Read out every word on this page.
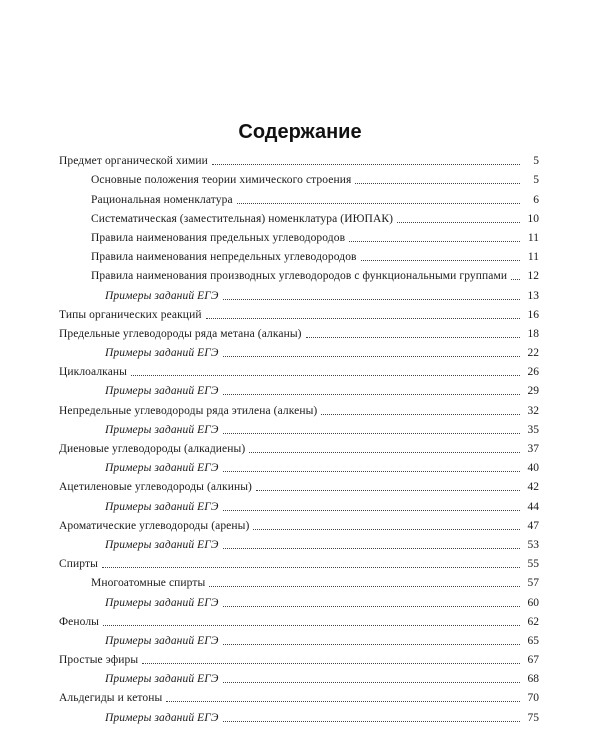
Содержание
Предмет органической химии	5
Основные положения теории химического строения	5
Рациональная номенклатура	6
Систематическая (заместительная) номенклатура (ИЮПАК)	10
Правила наименования предельных углеводородов	11
Правила наименования непредельных углеводородов	11
Правила наименования производных углеводородов с функциональными группами	12
Примеры заданий ЕГЭ	13
Типы органических реакций	16
Предельные углеводороды ряда метана (алканы)	18
Примеры заданий ЕГЭ	22
Циклоалканы	26
Примеры заданий ЕГЭ	29
Непредельные углеводороды ряда этилена (алкены)	32
Примеры заданий ЕГЭ	35
Диеновые углеводороды (алкадиены)	37
Примеры заданий ЕГЭ	40
Ацетиленовые углеводороды (алкины)	42
Примеры заданий ЕГЭ	44
Ароматические углеводороды (арены)	47
Примеры заданий ЕГЭ	53
Спирты	55
Многоатомные спирты	57
Примеры заданий ЕГЭ	60
Фенолы	62
Примеры заданий ЕГЭ	65
Простые эфиры	67
Примеры заданий ЕГЭ	68
Альдегиды и кетоны	70
Примеры заданий ЕГЭ	75
